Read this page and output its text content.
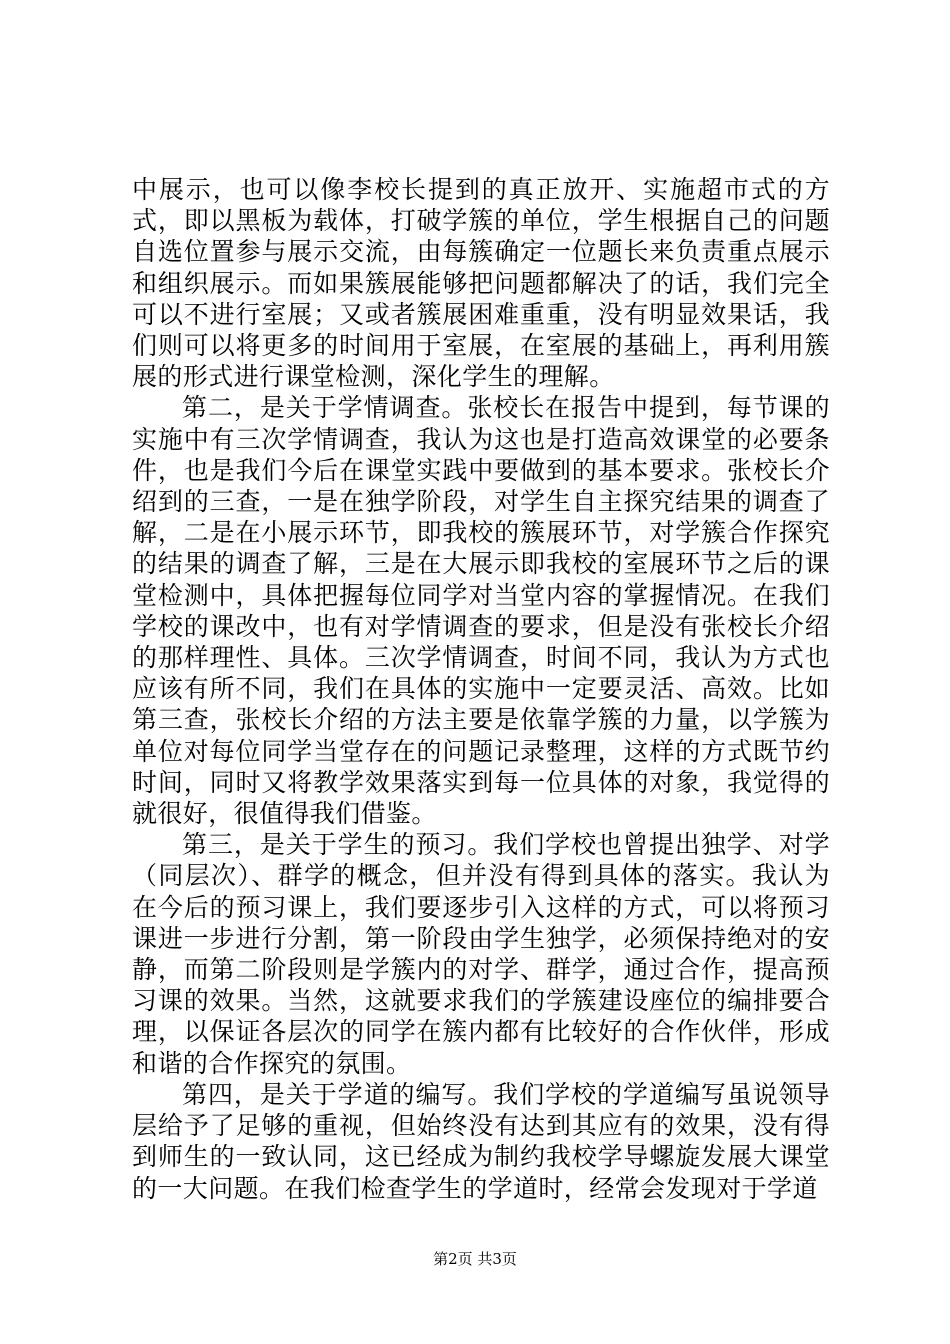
中展示，也可以像李校长提到的真正放开、实施超市式的方式，即以黑板为载体，打破学簇的单位，学生根据自己的问题自选位置参与展示交流，由每簇确定一位题长来负责重点展示和组织展示。而如果簇展能够把问题都解决了的话，我们完全可以不进行室展；又或者簇展困难重重，没有明显效果话，我们则可以将更多的时间用于室展，在室展的基础上，再利用簇展的形式进行课堂检测，深化学生的理解。

第二，是关于学情调查。张校长在报告中提到，每节课的实施中有三次学情调查，我认为这也是打造高效课堂的必要条件，也是我们今后在课堂实践中要做到的基本要求。张校长介绍到的三查，一是在独学阶段，对学生自主探究结果的调查了解，二是在小展示环节，即我校的簇展环节，对学簇合作探究的结果的调查了解，三是在大展示即我校的室展环节之后的课堂检测中，具体把握每位同学对当堂内容的掌握情况。在我们学校的课改中，也有对学情调查的要求，但是没有张校长介绍的那样理性、具体。三次学情调查，时间不同，我认为方式也应该有所不同，我们在具体的实施中一定要灵活、高效。比如第三查，张校长介绍的方法主要是依靠学簇的力量，以学簇为单位对每位同学当堂存在的问题记录整理，这样的方式既节约时间，同时又将教学效果落实到每一位具体的对象，我觉得的就很好，很值得我们借鉴。

第三，是关于学生的预习。我们学校也曾提出独学、对学（同层次）、群学的概念，但并没有得到具体的落实。我认为在今后的预习课上，我们要逐步引入这样的方式，可以将预习课进一步进行分割，第一阶段由学生独学，必须保持绝对的安静，而第二阶段则是学簇内的对学、群学，通过合作，提高预习课的效果。当然，这就要求我们的学簇建设座位的编排要合理，以保证各层次的同学在簇内都有比较好的合作伙伴，形成和谐的合作探究的氛围。

第四，是关于学道的编写。我们学校的学道编写虽说领导层给予了足够的重视，但始终没有达到其应有的效果，没有得到师生的一致认同，这已经成为制约我校学导螺旋发展大课堂的一大问题。在我们检查学生的学道时，经常会发现对于学道

第2页 共3页
